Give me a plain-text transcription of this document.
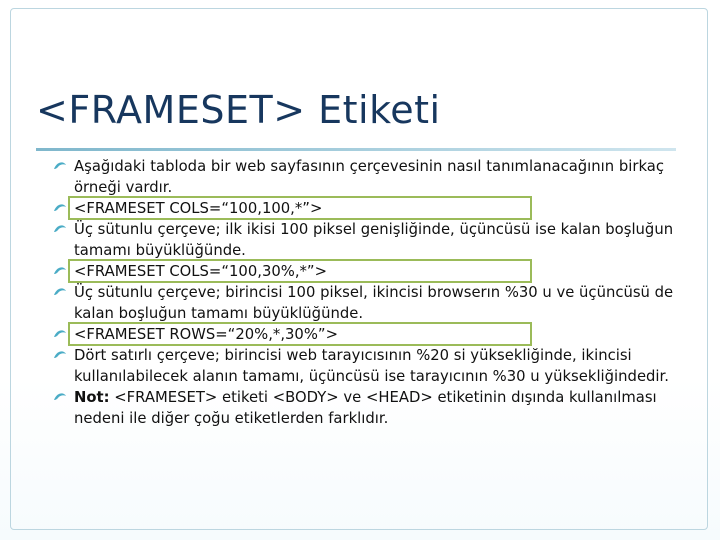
<FRAMESET> Etiketi
Aşağıdaki tabloda bir web sayfasının çerçevesinin nasıl tanımlanacağının birkaç örneği vardır.
<FRAMESET COLS=“100,100,*”>
Üç sütunlu çerçeve; ilk ikisi 100 piksel genişliğinde, üçüncüsü ise kalan boşluğun tamamı büyüklüğünde.
<FRAMESET COLS=“100,30%,*”>
Üç sütunlu çerçeve; birincisi 100 piksel, ikincisi browserın %30 u ve üçüncüsü de kalan boşluğun tamamı büyüklüğünde.
<FRAMESET ROWS=“20%,*,30%”>
Dört satırlı çerçeve; birincisi web tarayıcısının %20 si yüksekliğinde, ikincisi kullanılabilecek alanın tamamı, üçüncüsü ise tarayıcının %30 u yüksekliğindedir.
Not: <FRAMESET> etiketi <BODY> ve <HEAD> etiketinin dışında kullanılması nedeni ile diğer çoğu etiketlerden farklıdır.
